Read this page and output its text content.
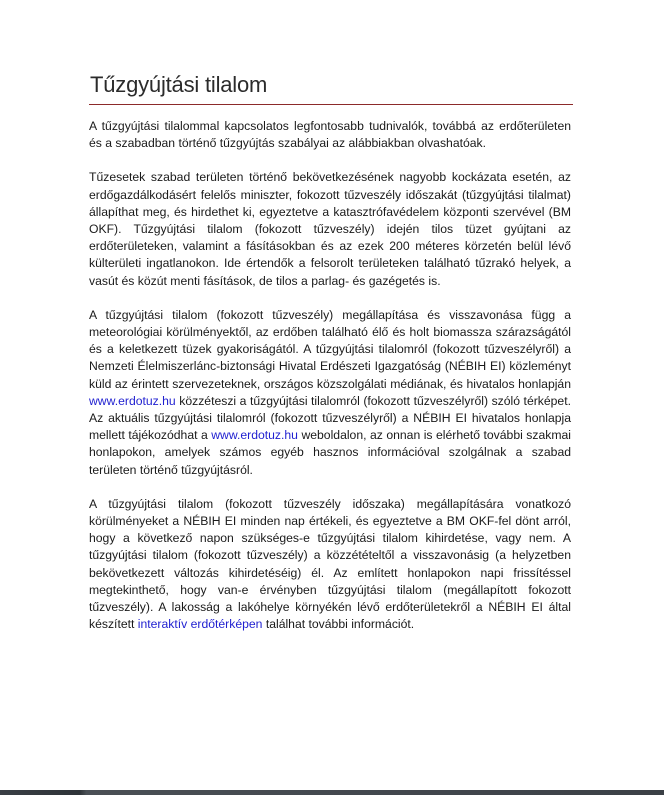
Tűzgyújtási tilalom

A tűzgyújtási tilalommal kapcsolatos legfontosabb tudnivalók, továbbá az erdőterületen és a szabadban történő tűzgyújtás szabályai az alábbiakban olvashatóak.

Tűzesetek szabad területen történő bekövetkezésének nagyobb kockázata esetén, az erdőgazdálkodásért felelős miniszter, fokozott tűzveszély időszakát (tűzgyújtási tilalmat) állapíthat meg, és hirdethet ki, egyeztetve a katasztrófavédelem központi szervével (BM OKF). Tűzgyújtási tilalom (fokozott tűzveszély) idején tilos tüzet gyújtani az erdőterületeken, valamint a fásításokban és az ezek 200 méteres körzetén belül lévő külterületi ingatlanokon. Ide értendők a felsorolt területeken található tűzrakó helyek, a vasút és közút menti fásítások, de tilos a parlag- és gazégetés is.

A tűzgyújtási tilalom (fokozott tűzveszély) megállapítása és visszavonása függ a meteorológiai körülményektől, az erdőben található élő és holt biomassza szárazságától és a keletkezett tüzek gyakoriságától. A tűzgyújtási tilalomról (fokozott tűzveszélyről) a Nemzeti Élelmiszerlánc-biztonsági Hivatal Erdészeti Igazgatóság (NÉBIH EI) közleményt küld az érintett szervezeteknek, országos közszolgálati médiának, és hivatalos honlapján www.erdotuz.hu közzéteszi a tűzgyújtási tilalomról (fokozott tűzveszélyről) szóló térképet. Az aktuális tűzgyújtási tilalomról (fokozott tűzveszélyről) a NÉBIH EI hivatalos honlapja mellett tájékozódhat a www.erdotuz.hu weboldalon, az onnan is elérhető további szakmai honlapokon, amelyek számos egyéb hasznos információval szolgálnak a szabad területen történő tűzgyújtásról.

A tűzgyújtási tilalom (fokozott tűzveszély időszaka) megállapítására vonatkozó körülményeket a NÉBIH EI minden nap értékeli, és egyeztetve a BM OKF-fel dönt arról, hogy a következő napon szükséges-e tűzgyújtási tilalom kihirdetése, vagy nem. A tűzgyújtási tilalom (fokozott tűzveszély) a közzétételtől a visszavonásig (a helyzetben bekövetkezett változás kihirdetéséig) él. Az említett honlapokon napi frissítéssel megtekinthető, hogy van-e érvényben tűzgyújtási tilalom (megállapított fokozott tűzveszély). A lakosság a lakóhelye környékén lévő erdőterületekről a NÉBIH EI által készített interaktív erdőtérképen találhat további információt.
